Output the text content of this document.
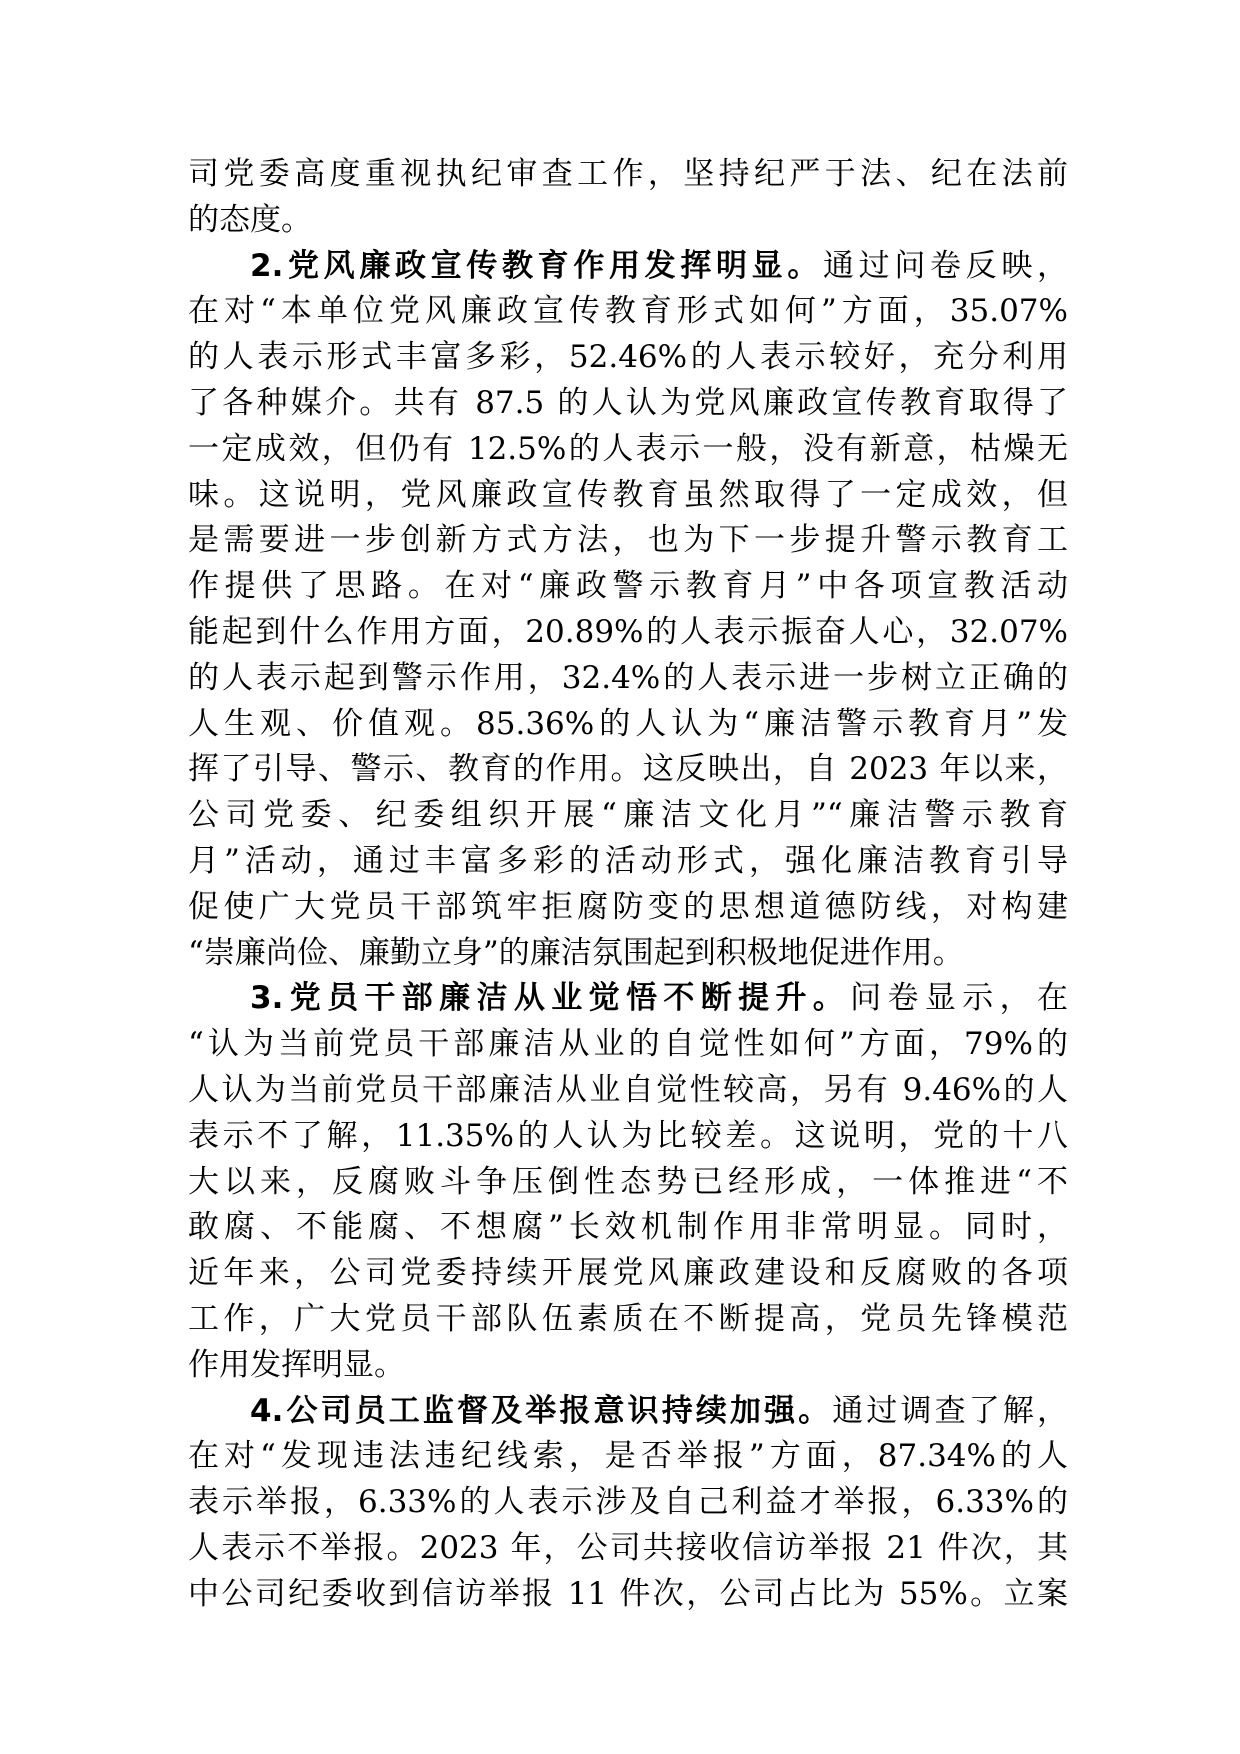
司党委高度重视执纪审查工作，坚持纪严于法、纪在法前
的态度。
2.党风廉政宣传教育作用发挥明显。通过问卷反映，
在对“本单位党风廉政宣传教育形式如何”方面，35.07%
的人表示形式丰富多彩，52.46%的人表示较好，充分利用
了各种媒介。共有 87.5 的人认为党风廉政宣传教育取得了
一定成效，但仍有 12.5%的人表示一般，没有新意，枯燥无
味。这说明，党风廉政宣传教育虽然取得了一定成效，但
是需要进一步创新方式方法，也为下一步提升警示教育工
作提供了思路。在对“廉政警示教育月”中各项宣教活动
能起到什么作用方面，20.89%的人表示振奋人心，32.07%
的人表示起到警示作用，32.4%的人表示进一步树立正确的
人生观、价值观。85.36%的人认为“廉洁警示教育月”发
挥了引导、警示、教育的作用。这反映出，自 2023 年以来，
公司党委、纪委组织开展“廉洁文化月”“廉洁警示教育
月”活动，通过丰富多彩的活动形式，强化廉洁教育引导
促使广大党员干部筑牢拒腐防变的思想道德防线，对构建
“崇廉尚俭、廉勤立身”的廉洁氛围起到积极地促进作用。
3.党员干部廉洁从业觉悟不断提升。问卷显示，在
“认为当前党员干部廉洁从业的自觉性如何”方面，79%的
人认为当前党员干部廉洁从业自觉性较高，另有 9.46%的人
表示不了解，11.35%的人认为比较差。这说明，党的十八
大以来，反腐败斗争压倒性态势已经形成，一体推进“不
敢腐、不能腐、不想腐”长效机制作用非常明显。同时，
近年来，公司党委持续开展党风廉政建设和反腐败的各项
工作，广大党员干部队伍素质在不断提高，党员先锋模范
作用发挥明显。
4.公司员工监督及举报意识持续加强。通过调查了解，
在对“发现违法违纪线索，是否举报”方面，87.34%的人
表示举报，6.33%的人表示涉及自己利益才举报，6.33%的
人表示不举报。2023 年，公司共接收信访举报 21 件次，其
中公司纪委收到信访举报 11 件次，公司占比为 55%。立案
